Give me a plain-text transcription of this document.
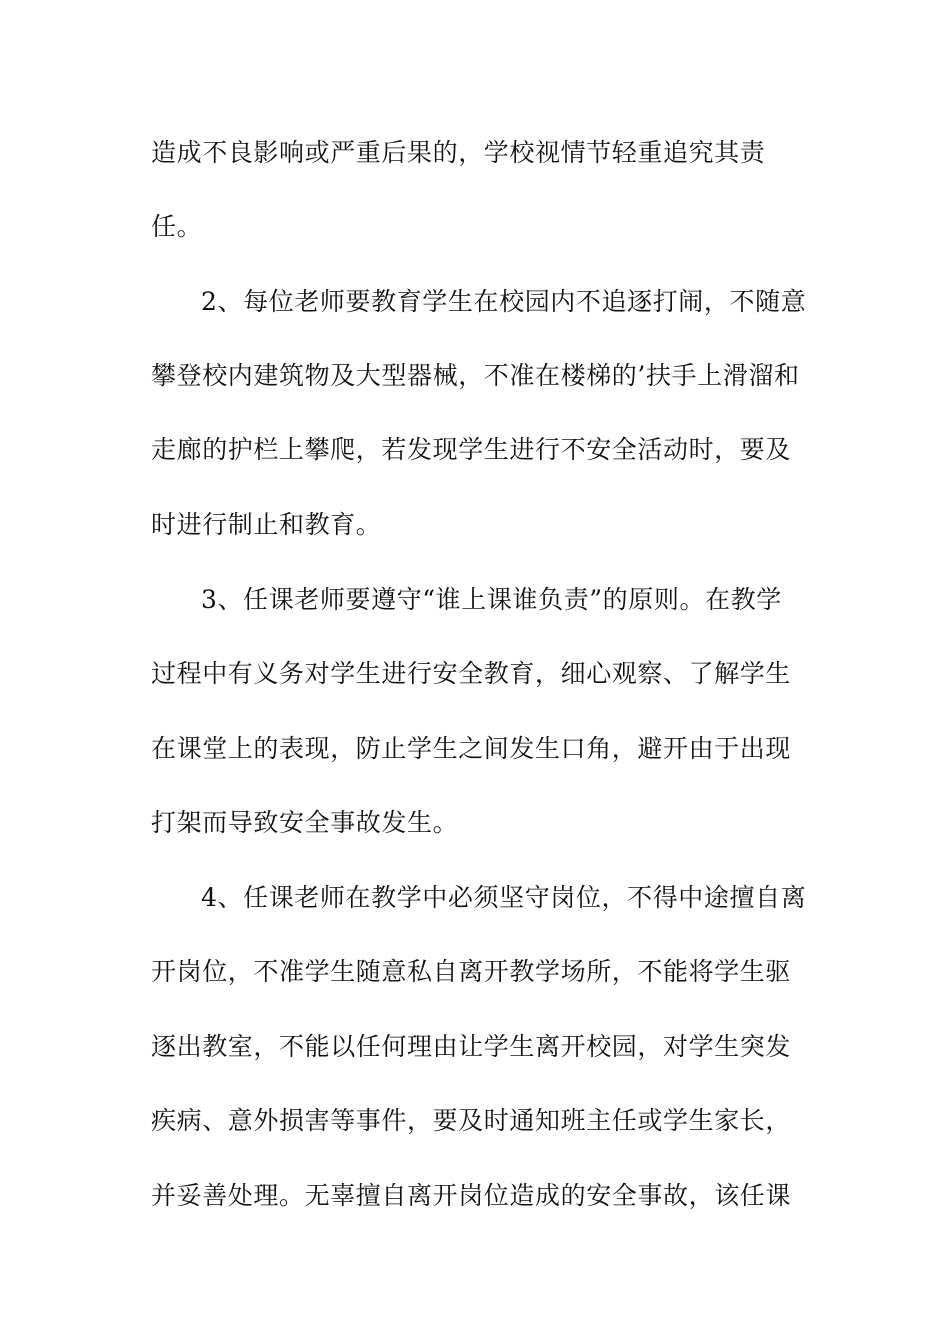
造成不良影响或严重后果的，学校视情节轻重追究其责
任。
2、每位老师要教育学生在校园内不追逐打闹，不随意
攀登校内建筑物及大型器械，不准在楼梯的’扶手上滑溜和
走廊的护栏上攀爬，若发现学生进行不安全活动时，要及
时进行制止和教育。
3、任课老师要遵守“谁上课谁负责”的原则。在教学
过程中有义务对学生进行安全教育，细心观察、了解学生
在课堂上的表现，防止学生之间发生口角，避开由于出现
打架而导致安全事故发生。
4、任课老师在教学中必须坚守岗位，不得中途擅自离
开岗位，不准学生随意私自离开教学场所，不能将学生驱
逐出教室，不能以任何理由让学生离开校园，对学生突发
疾病、意外损害等事件，要及时通知班主任或学生家长，
并妥善处理。无辜擅自离开岗位造成的安全事故，该任课
